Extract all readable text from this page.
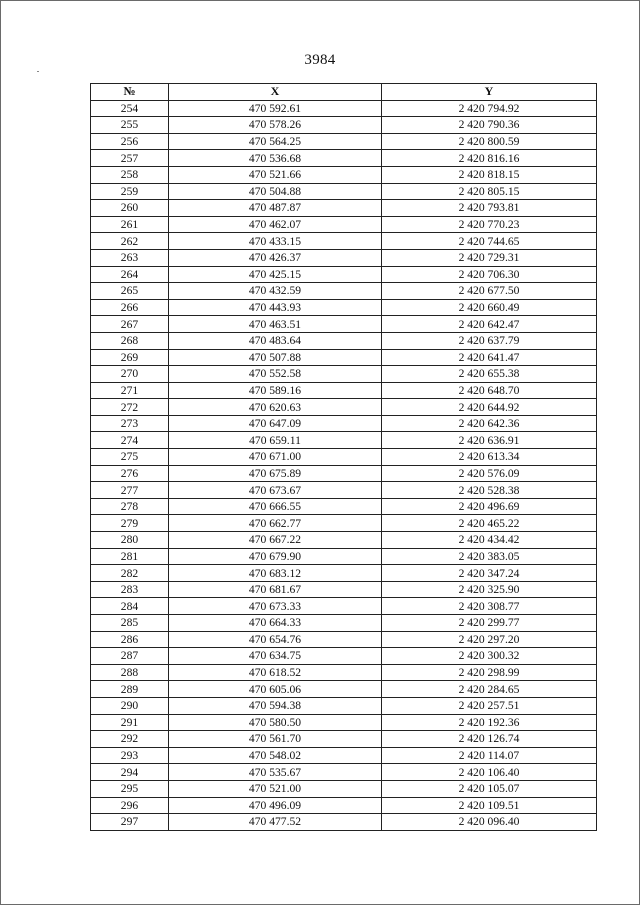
3984
№	X	Y
254	470 592.61	2 420 794.92
255	470 578.26	2 420 790.36
256	470 564.25	2 420 800.59
257	470 536.68	2 420 816.16
258	470 521.66	2 420 818.15
259	470 504.88	2 420 805.15
260	470 487.87	2 420 793.81
261	470 462.07	2 420 770.23
262	470 433.15	2 420 744.65
263	470 426.37	2 420 729.31
264	470 425.15	2 420 706.30
265	470 432.59	2 420 677.50
266	470 443.93	2 420 660.49
267	470 463.51	2 420 642.47
268	470 483.64	2 420 637.79
269	470 507.88	2 420 641.47
270	470 552.58	2 420 655.38
271	470 589.16	2 420 648.70
272	470 620.63	2 420 644.92
273	470 647.09	2 420 642.36
274	470 659.11	2 420 636.91
275	470 671.00	2 420 613.34
276	470 675.89	2 420 576.09
277	470 673.67	2 420 528.38
278	470 666.55	2 420 496.69
279	470 662.77	2 420 465.22
280	470 667.22	2 420 434.42
281	470 679.90	2 420 383.05
282	470 683.12	2 420 347.24
283	470 681.67	2 420 325.90
284	470 673.33	2 420 308.77
285	470 664.33	2 420 299.77
286	470 654.76	2 420 297.20
287	470 634.75	2 420 300.32
288	470 618.52	2 420 298.99
289	470 605.06	2 420 284.65
290	470 594.38	2 420 257.51
291	470 580.50	2 420 192.36
292	470 561.70	2 420 126.74
293	470 548.02	2 420 114.07
294	470 535.67	2 420 106.40
295	470 521.00	2 420 105.07
296	470 496.09	2 420 109.51
297	470 477.52	2 420 096.40
